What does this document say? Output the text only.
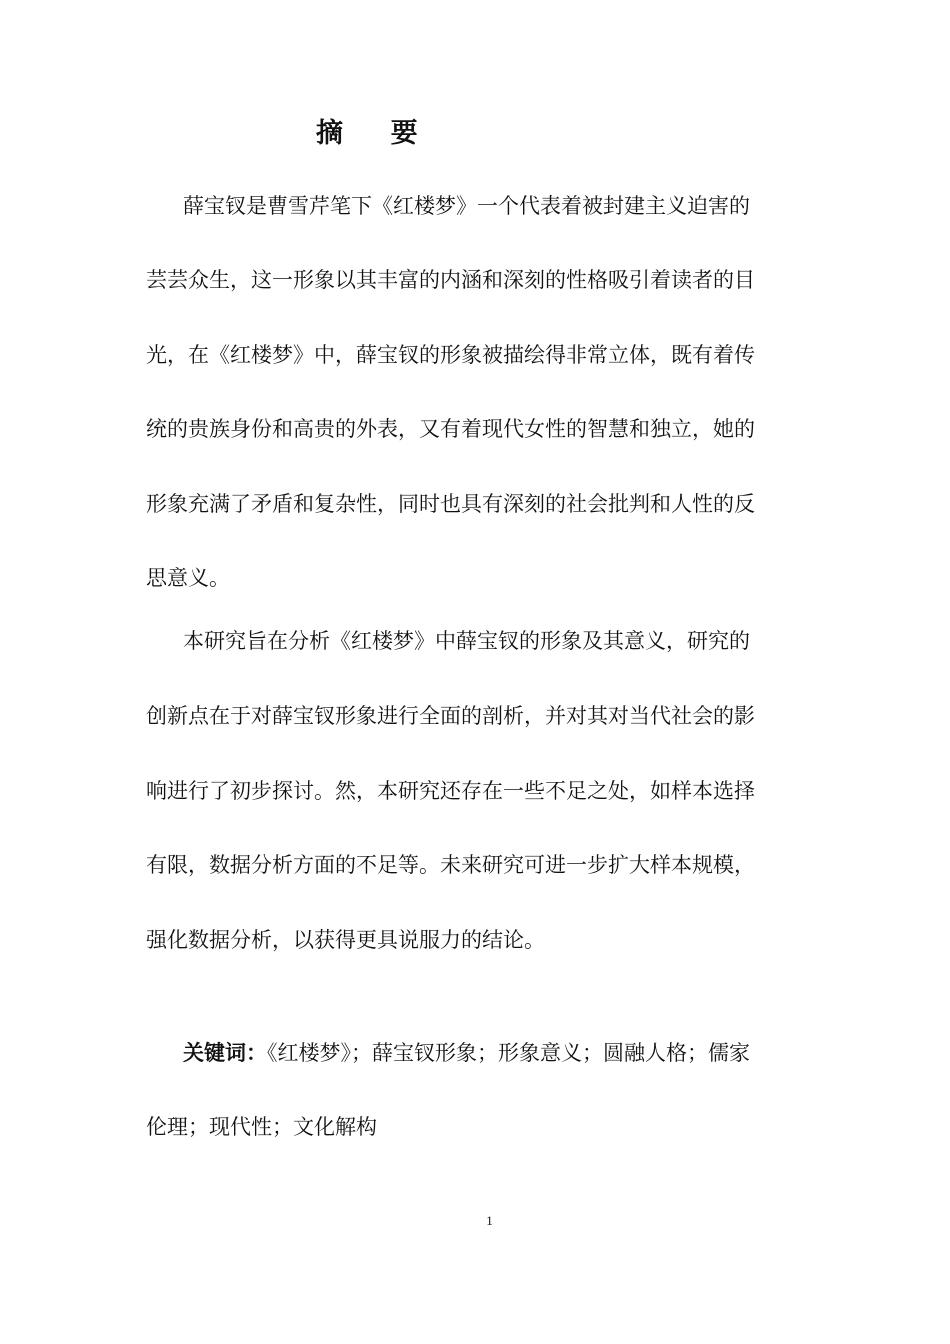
摘    要
薛宝钗是曹雪芹笔下《红楼梦》一个代表着被封建主义迫害的
芸芸众生，这一形象以其丰富的内涵和深刻的性格吸引着读者的目
光，在《红楼梦》中，薛宝钗的形象被描绘得非常立体，既有着传
统的贵族身份和高贵的外表，又有着现代女性的智慧和独立，她的
形象充满了矛盾和复杂性，同时也具有深刻的社会批判和人性的反
思意义。
本研究旨在分析《红楼梦》中薛宝钗的形象及其意义，研究的
创新点在于对薛宝钗形象进行全面的剖析，并对其对当代社会的影
响进行了初步探讨。然，本研究还存在一些不足之处，如样本选择
有限，数据分析方面的不足等。未来研究可进一步扩大样本规模，
强化数据分析，以获得更具说服力的结论。
关键词：《红楼梦》；薛宝钗形象；形象意义；圆融人格；儒家
伦理；现代性；文化解构
1
